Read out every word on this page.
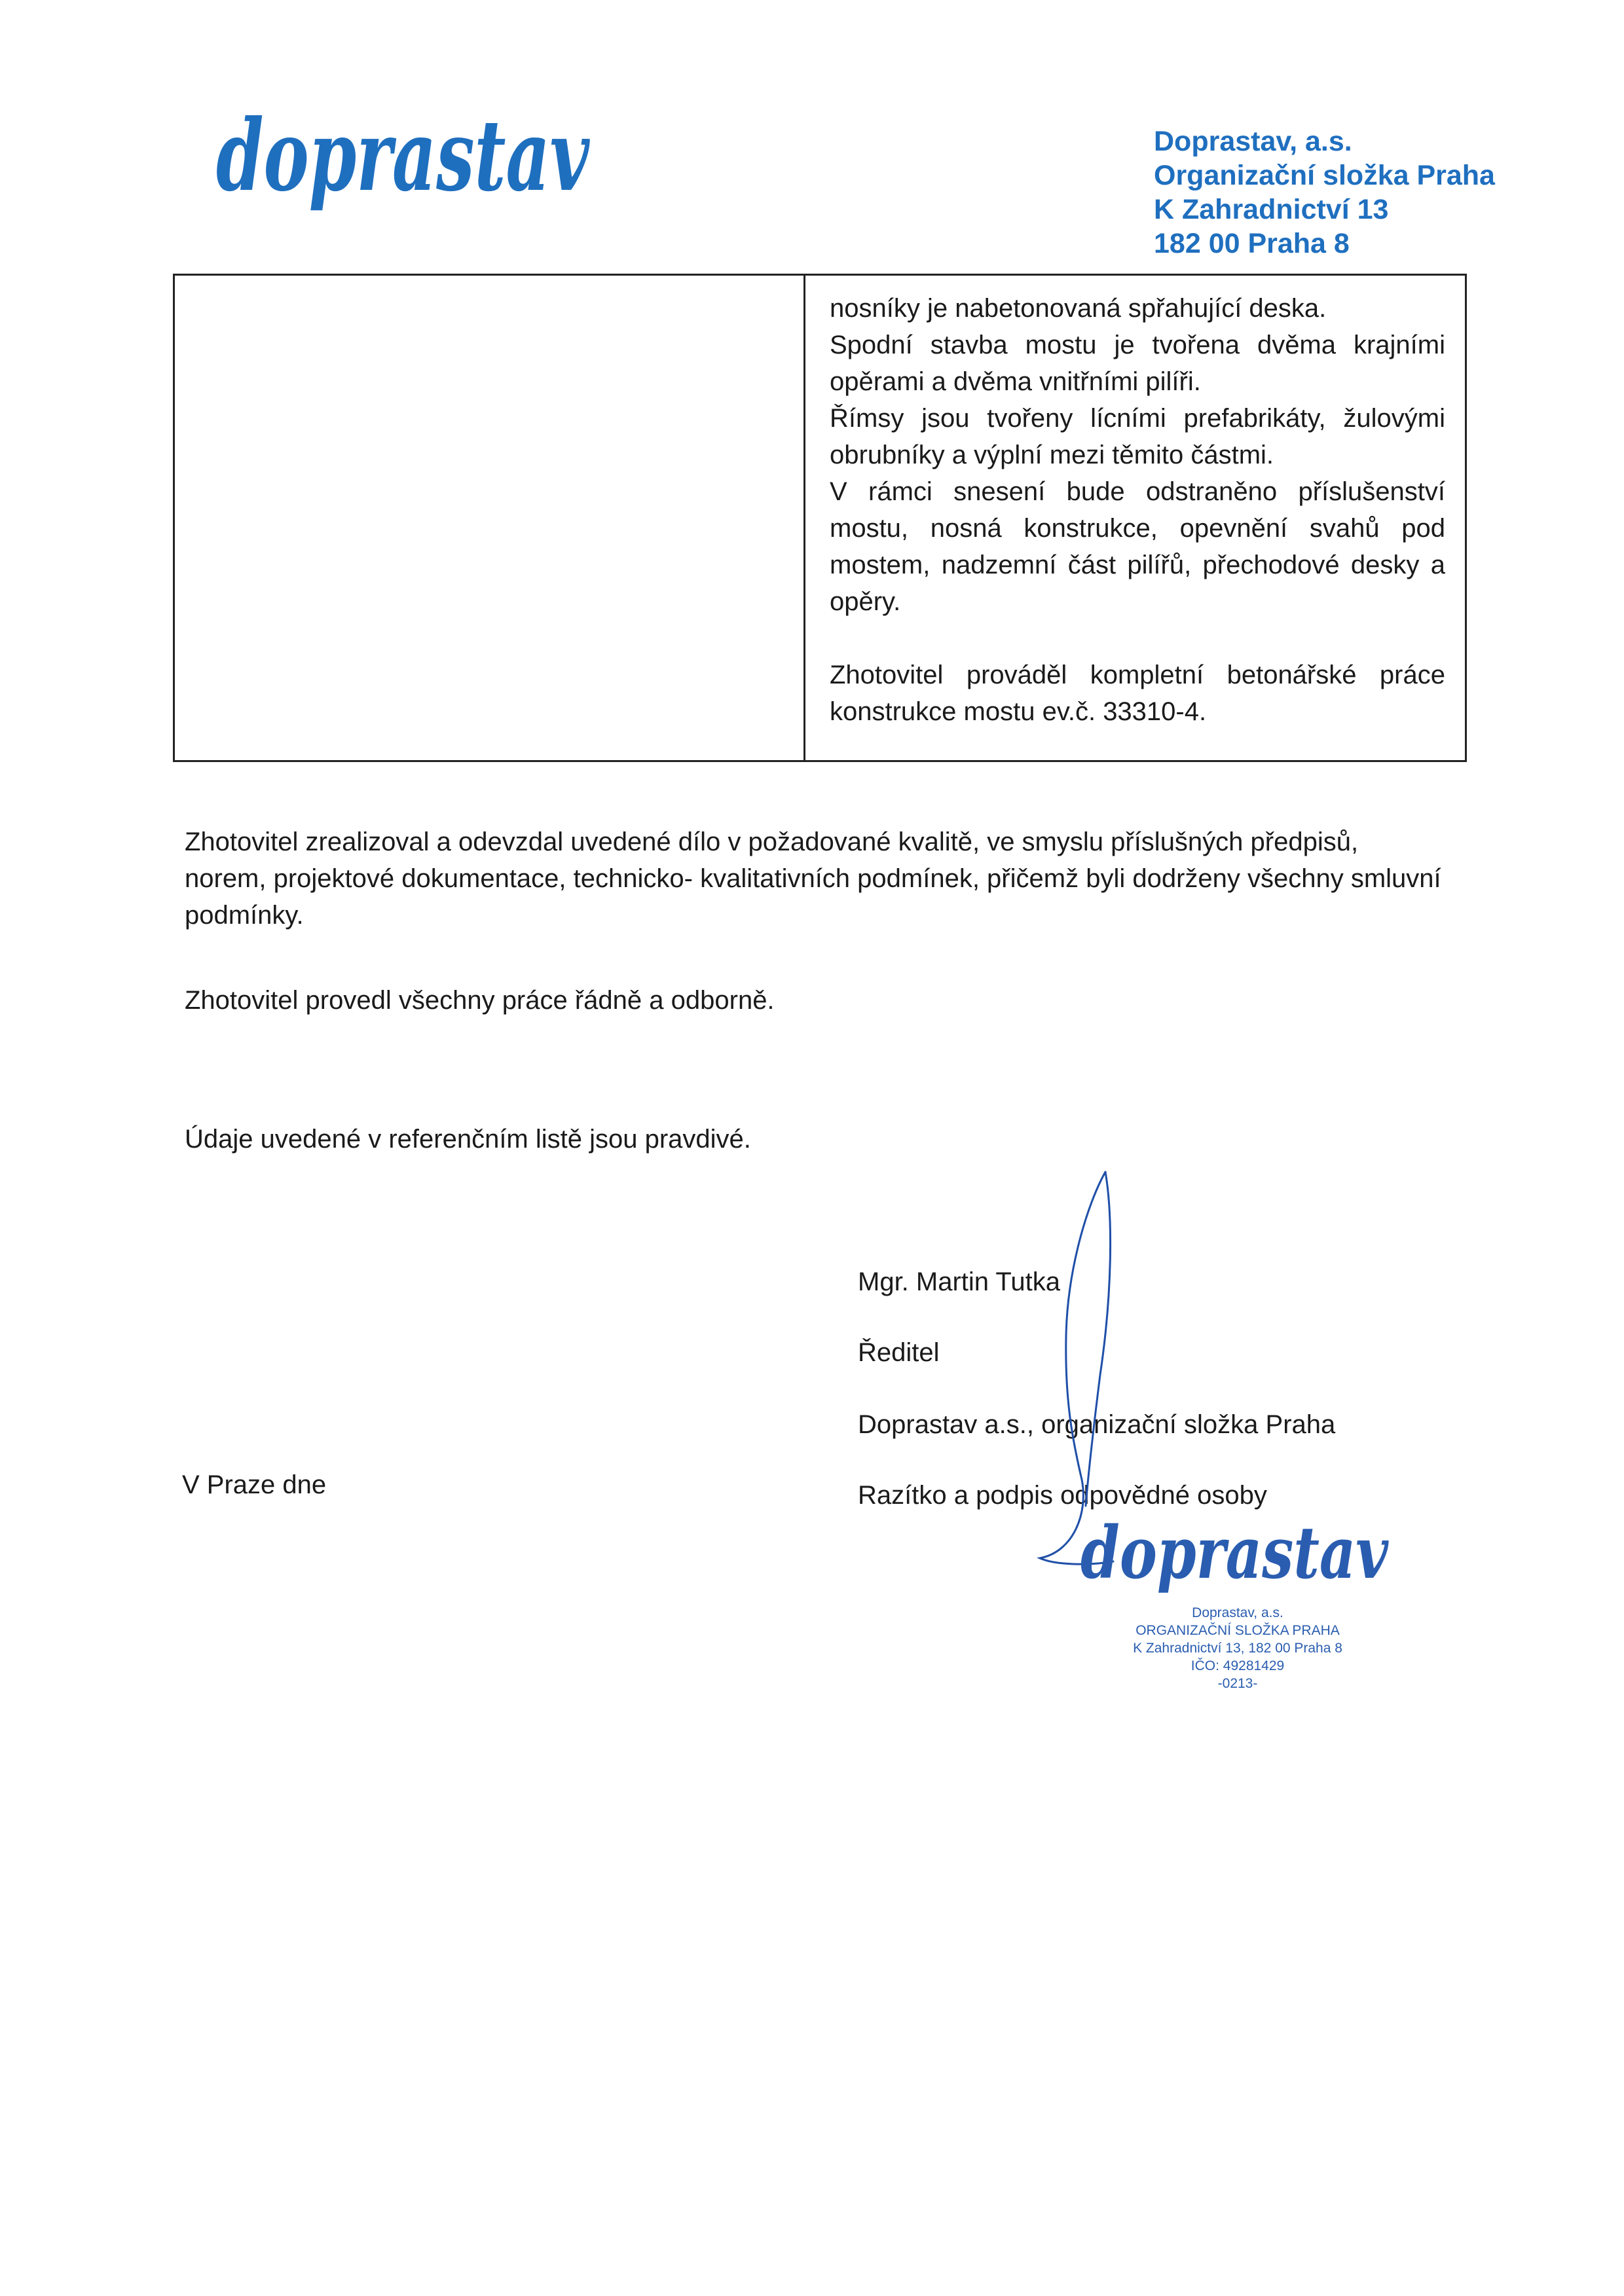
doprastav	Doprastav, a.s.
Organizační složka Praha
K Zahradnictví 13
182 00 Praha 8

nosníky je nabetonovaná spřahující deska.

Spodní stavba mostu je tvořena dvěma krajními opěrami a dvěma vnitřními pilíři.

Římsy jsou tvořeny lícními prefabrikáty, žulovými obrubníky a výplní mezi těmito částmi.

V rámci snesení bude odstraněno příslušenství mostu, nosná konstrukce, opevnění svahů pod mostem, nadzemní část pilířů, přechodové desky a opěry.

Zhotovitel prováděl kompletní betonářské práce konstrukce mostu ev.č. 33310-4.

Zhotovitel zrealizoval a odevzdal uvedené dílo v požadované kvalitě, ve smyslu příslušných předpisů, norem, projektové dokumentace, technicko- kvalitativních podmínek, přičemž byli dodrženy všechny smluvní podmínky.
Zhotovitel provedl všechny práce řádně a odborně.
Údaje uvedené v referenčním listě jsou pravdivé.
Mgr. Martin Tutka
Ředitel
Doprastav a.s., organizační složka Praha
Razítko a podpis odpovědné osoby
V Praze dne
doprastav
Doprastav, a.s.
ORGANIZAČNÍ SLOŽKA PRAHA
K Zahradnictví 13, 182 00 Praha 8
IČO: 49281429
-0213-
